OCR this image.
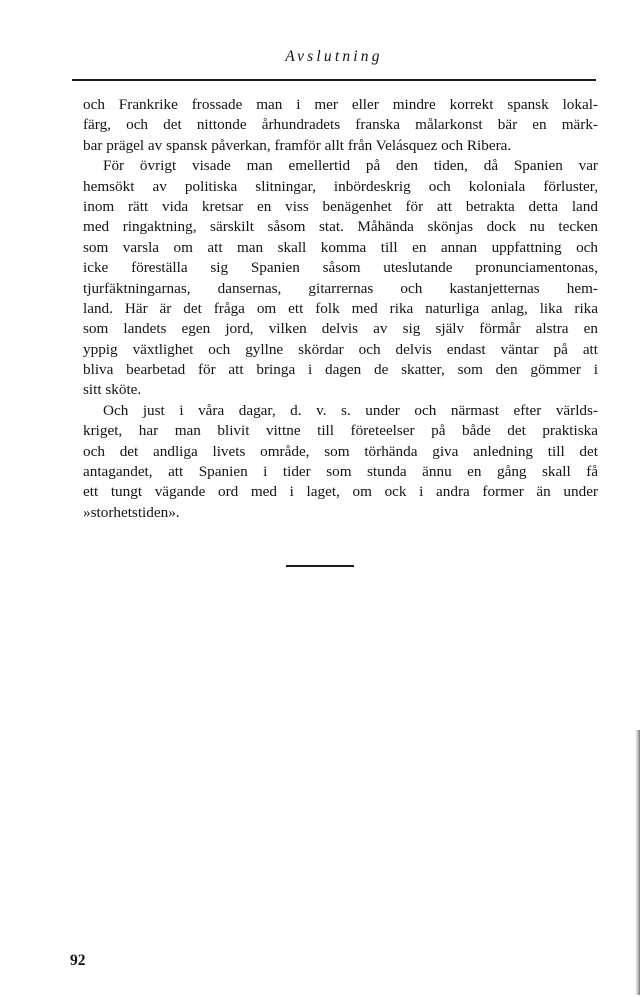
Avslutning
och Frankrike frossade man i mer eller mindre korrekt spansk lokal-
färg, och det nittonde århundradets franska målarkonst bär en märk-
bar prägel av spansk påverkan, framför allt från Velásquez och Ribera.
För övrigt visade man emellertid på den tiden, då Spanien var
hemsökt av politiska slitningar, inbördeskrig och koloniala förluster,
inom rätt vida kretsar en viss benägenhet för att betrakta detta land
med ringaktning, särskilt såsom stat. Måhända skönjas dock nu tecken
som varsla om att man skall komma till en annan uppfattning och
icke föreställa sig Spanien såsom uteslutande pronunciamentonas,
tjurfäktningarnas, dansernas, gitarrernas och kastanjetternas hem-
land. Här är det fråga om ett folk med rika naturliga anlag, lika rika
som landets egen jord, vilken delvis av sig själv förmår alstra en
yppig växtlighet och gyllne skördar och delvis endast väntar på att
bliva bearbetad för att bringa i dagen de skatter, som den gömmer i
sitt sköte.
Och just i våra dagar, d. v. s. under och närmast efter världs-
kriget, har man blivit vittne till företeelser på både det praktiska
och det andliga livets område, som törhända giva anledning till det
antagandet, att Spanien i tider som stunda ännu en gång skall få
ett tungt vägande ord med i laget, om ock i andra former än under
»storhetstiden».
92
